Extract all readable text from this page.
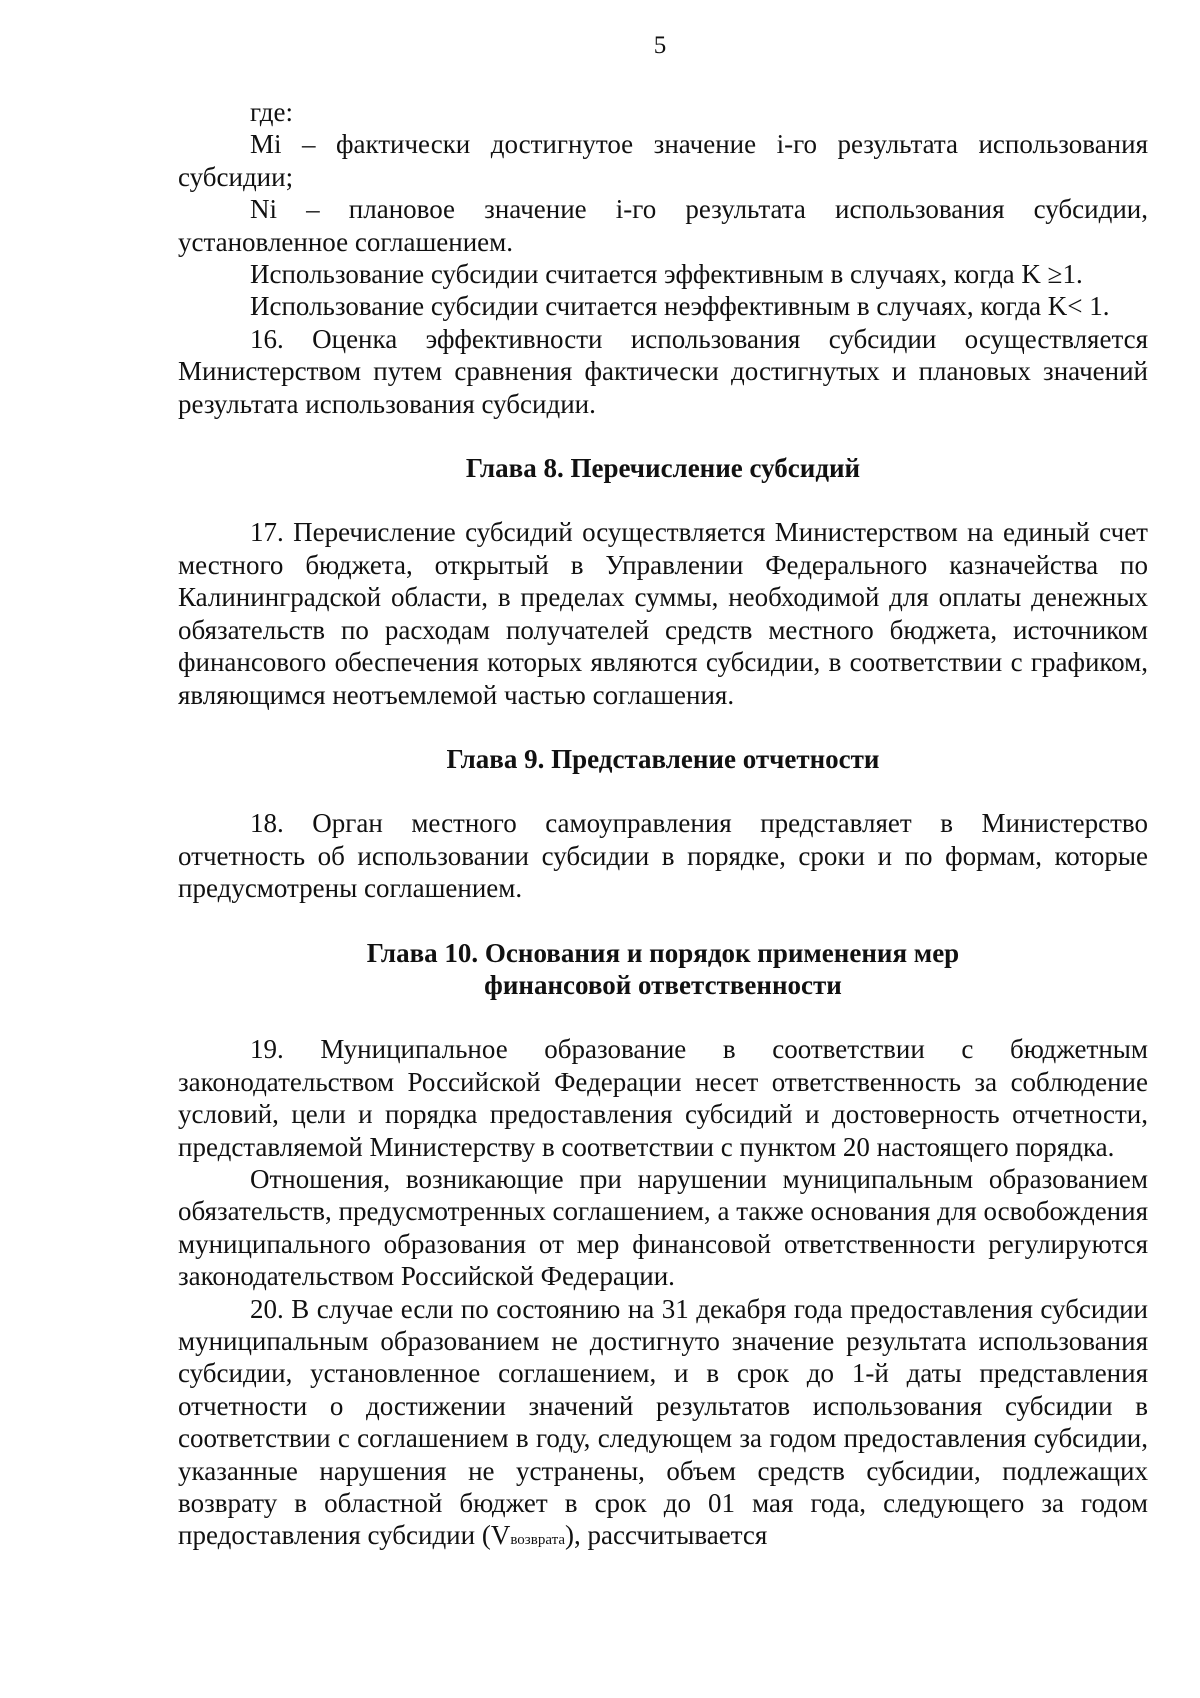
5

где:

Mi – фактически достигнутое значение i-го результата использования субсидии;

Ni – плановое значение i-го результата использования субсидии, установленное соглашением.

Использование субсидии считается эффективным в случаях, когда K ≥1.

Использование субсидии считается неэффективным в случаях, когда K< 1.

16. Оценка эффективности использования субсидии осуществляется Министерством путем сравнения фактически достигнутых и плановых значений результата использования субсидии.

Глава 8. Перечисление субсидий

17. Перечисление субсидий осуществляется Министерством на единый счет местного бюджета, открытый в Управлении Федерального казначейства по Калининградской области, в пределах суммы, необходимой для оплаты денежных обязательств по расходам получателей средств местного бюджета, источником финансового обеспечения которых являются субсидии, в соответствии с графиком, являющимся неотъемлемой частью соглашения.

Глава 9. Представление отчетности

18. Орган местного самоуправления представляет в Министерство отчетность об использовании субсидии в порядке, сроки и по формам, которые предусмотрены соглашением.

Глава 10. Основания и порядок применения мер
финансовой ответственности

19. Муниципальное образование в соответствии с бюджетным законодательством Российской Федерации несет ответственность за соблюдение условий, цели и порядка предоставления субсидий и достоверность отчетности, представляемой Министерству в соответствии с пунктом 20 настоящего порядка.

Отношения, возникающие при нарушении муниципальным образованием обязательств, предусмотренных соглашением, а также основания для освобождения муниципального образования от мер финансовой ответственности регулируются законодательством Российской Федерации.

20. В случае если по состоянию на 31 декабря года предоставления субсидии муниципальным образованием не достигнуто значение результата использования субсидии, установленное соглашением, и в срок до 1-й даты представления отчетности о достижении значений результатов использования субсидии в соответствии с соглашением в году, следующем за годом предоставления субсидии, указанные нарушения не устранены, объем средств субсидии, подлежащих возврату в областной бюджет в срок до 01 мая года, следующего за годом предоставления субсидии (Vвозврата), рассчитывается
